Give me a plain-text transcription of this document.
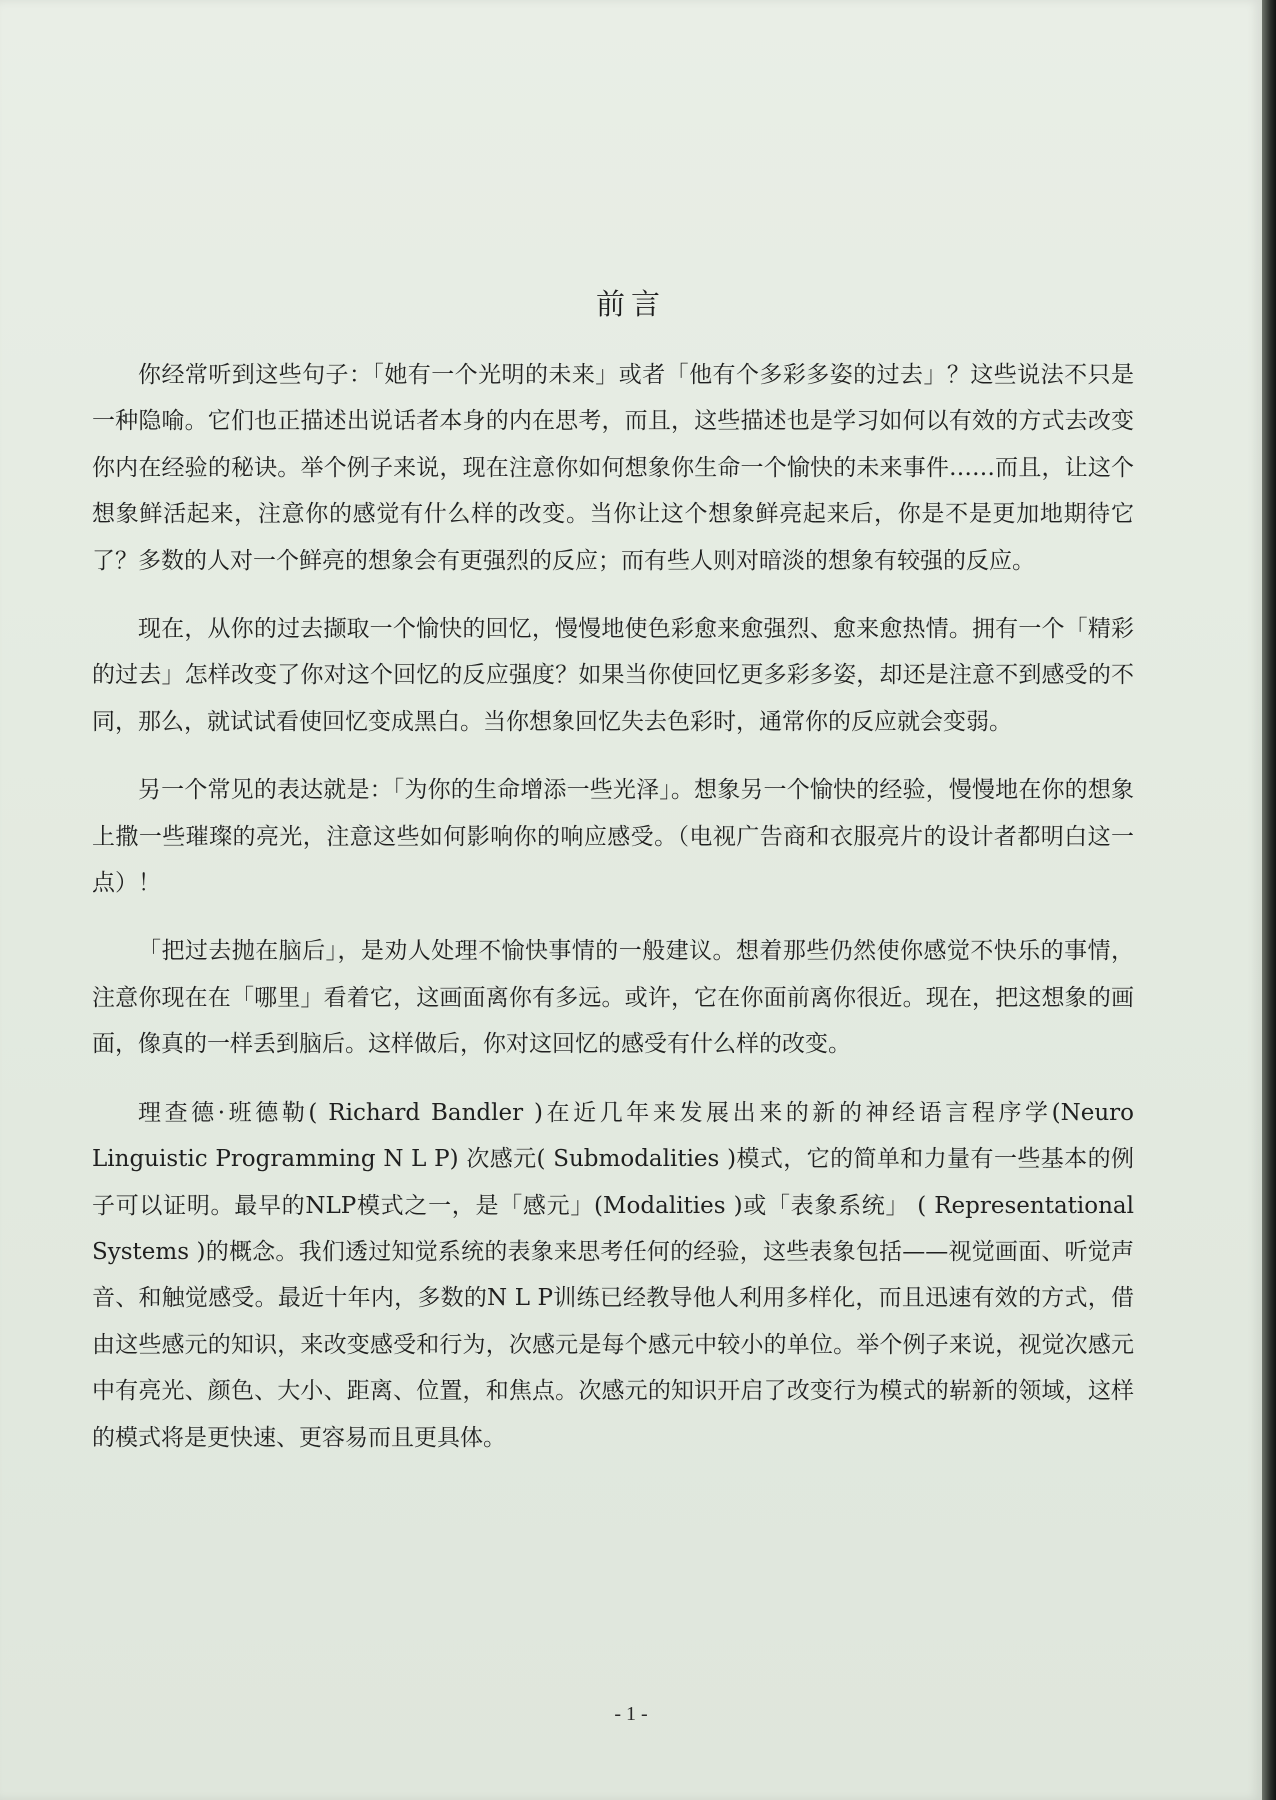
前言

你经常听到这些句子：「她有一个光明的未来」或者「他有个多彩多姿的过去」？这些说法不只是一种隐喻。它们也正描述出说话者本身的内在思考，而且，这些描述也是学习如何以有效的方式去改变你内在经验的秘诀。举个例子来说，现在注意你如何想象你生命一个愉快的未来事件……而且，让这个想象鲜活起来，注意你的感觉有什么样的改变。当你让这个想象鲜亮起来后，你是不是更加地期待它了？多数的人对一个鲜亮的想象会有更强烈的反应；而有些人则对暗淡的想象有较强的反应。

现在，从你的过去撷取一个愉快的回忆，慢慢地使色彩愈来愈强烈、愈来愈热情。拥有一个「精彩的过去」怎样改变了你对这个回忆的反应强度？如果当你使回忆更多彩多姿，却还是注意不到感受的不同，那么，就试试看使回忆变成黑白。当你想象回忆失去色彩时，通常你的反应就会变弱。

另一个常见的表达就是：「为你的生命增添一些光泽」。想象另一个愉快的经验，慢慢地在你的想象上撒一些璀璨的亮光，注意这些如何影响你的响应感受。（电视广告商和衣服亮片的设计者都明白这一点）！

「把过去抛在脑后」，是劝人处理不愉快事情的一般建议。想着那些仍然使你感觉不快乐的事情，注意你现在在「哪里」看着它，这画面离你有多远。或许，它在你面前离你很近。现在，把这想象的画面，像真的一样丢到脑后。这样做后，你对这回忆的感受有什么样的改变。

理查德·班德勒( Richard Bandler )在近几年来发展出来的新的神经语言程序学(Neuro Linguistic Programming N L P) 次感元( Submodalities )模式，它的简单和力量有一些基本的例子可以证明。最早的NLP模式之一，是「感元」(Modalities )或「表象系统」 ( Representational Systems )的概念。我们透过知觉系统的表象来思考任何的经验，这些表象包括——视觉画面、听觉声音、和触觉感受。最近十年内，多数的N L P训练已经教导他人利用多样化，而且迅速有效的方式，借由这些感元的知识，来改变感受和行为，次感元是每个感元中较小的单位。举个例子来说，视觉次感元中有亮光、颜色、大小、距离、位置，和焦点。次感元的知识开启了改变行为模式的崭新的领域，这样的模式将是更快速、更容易而且更具体。

- 1 -
